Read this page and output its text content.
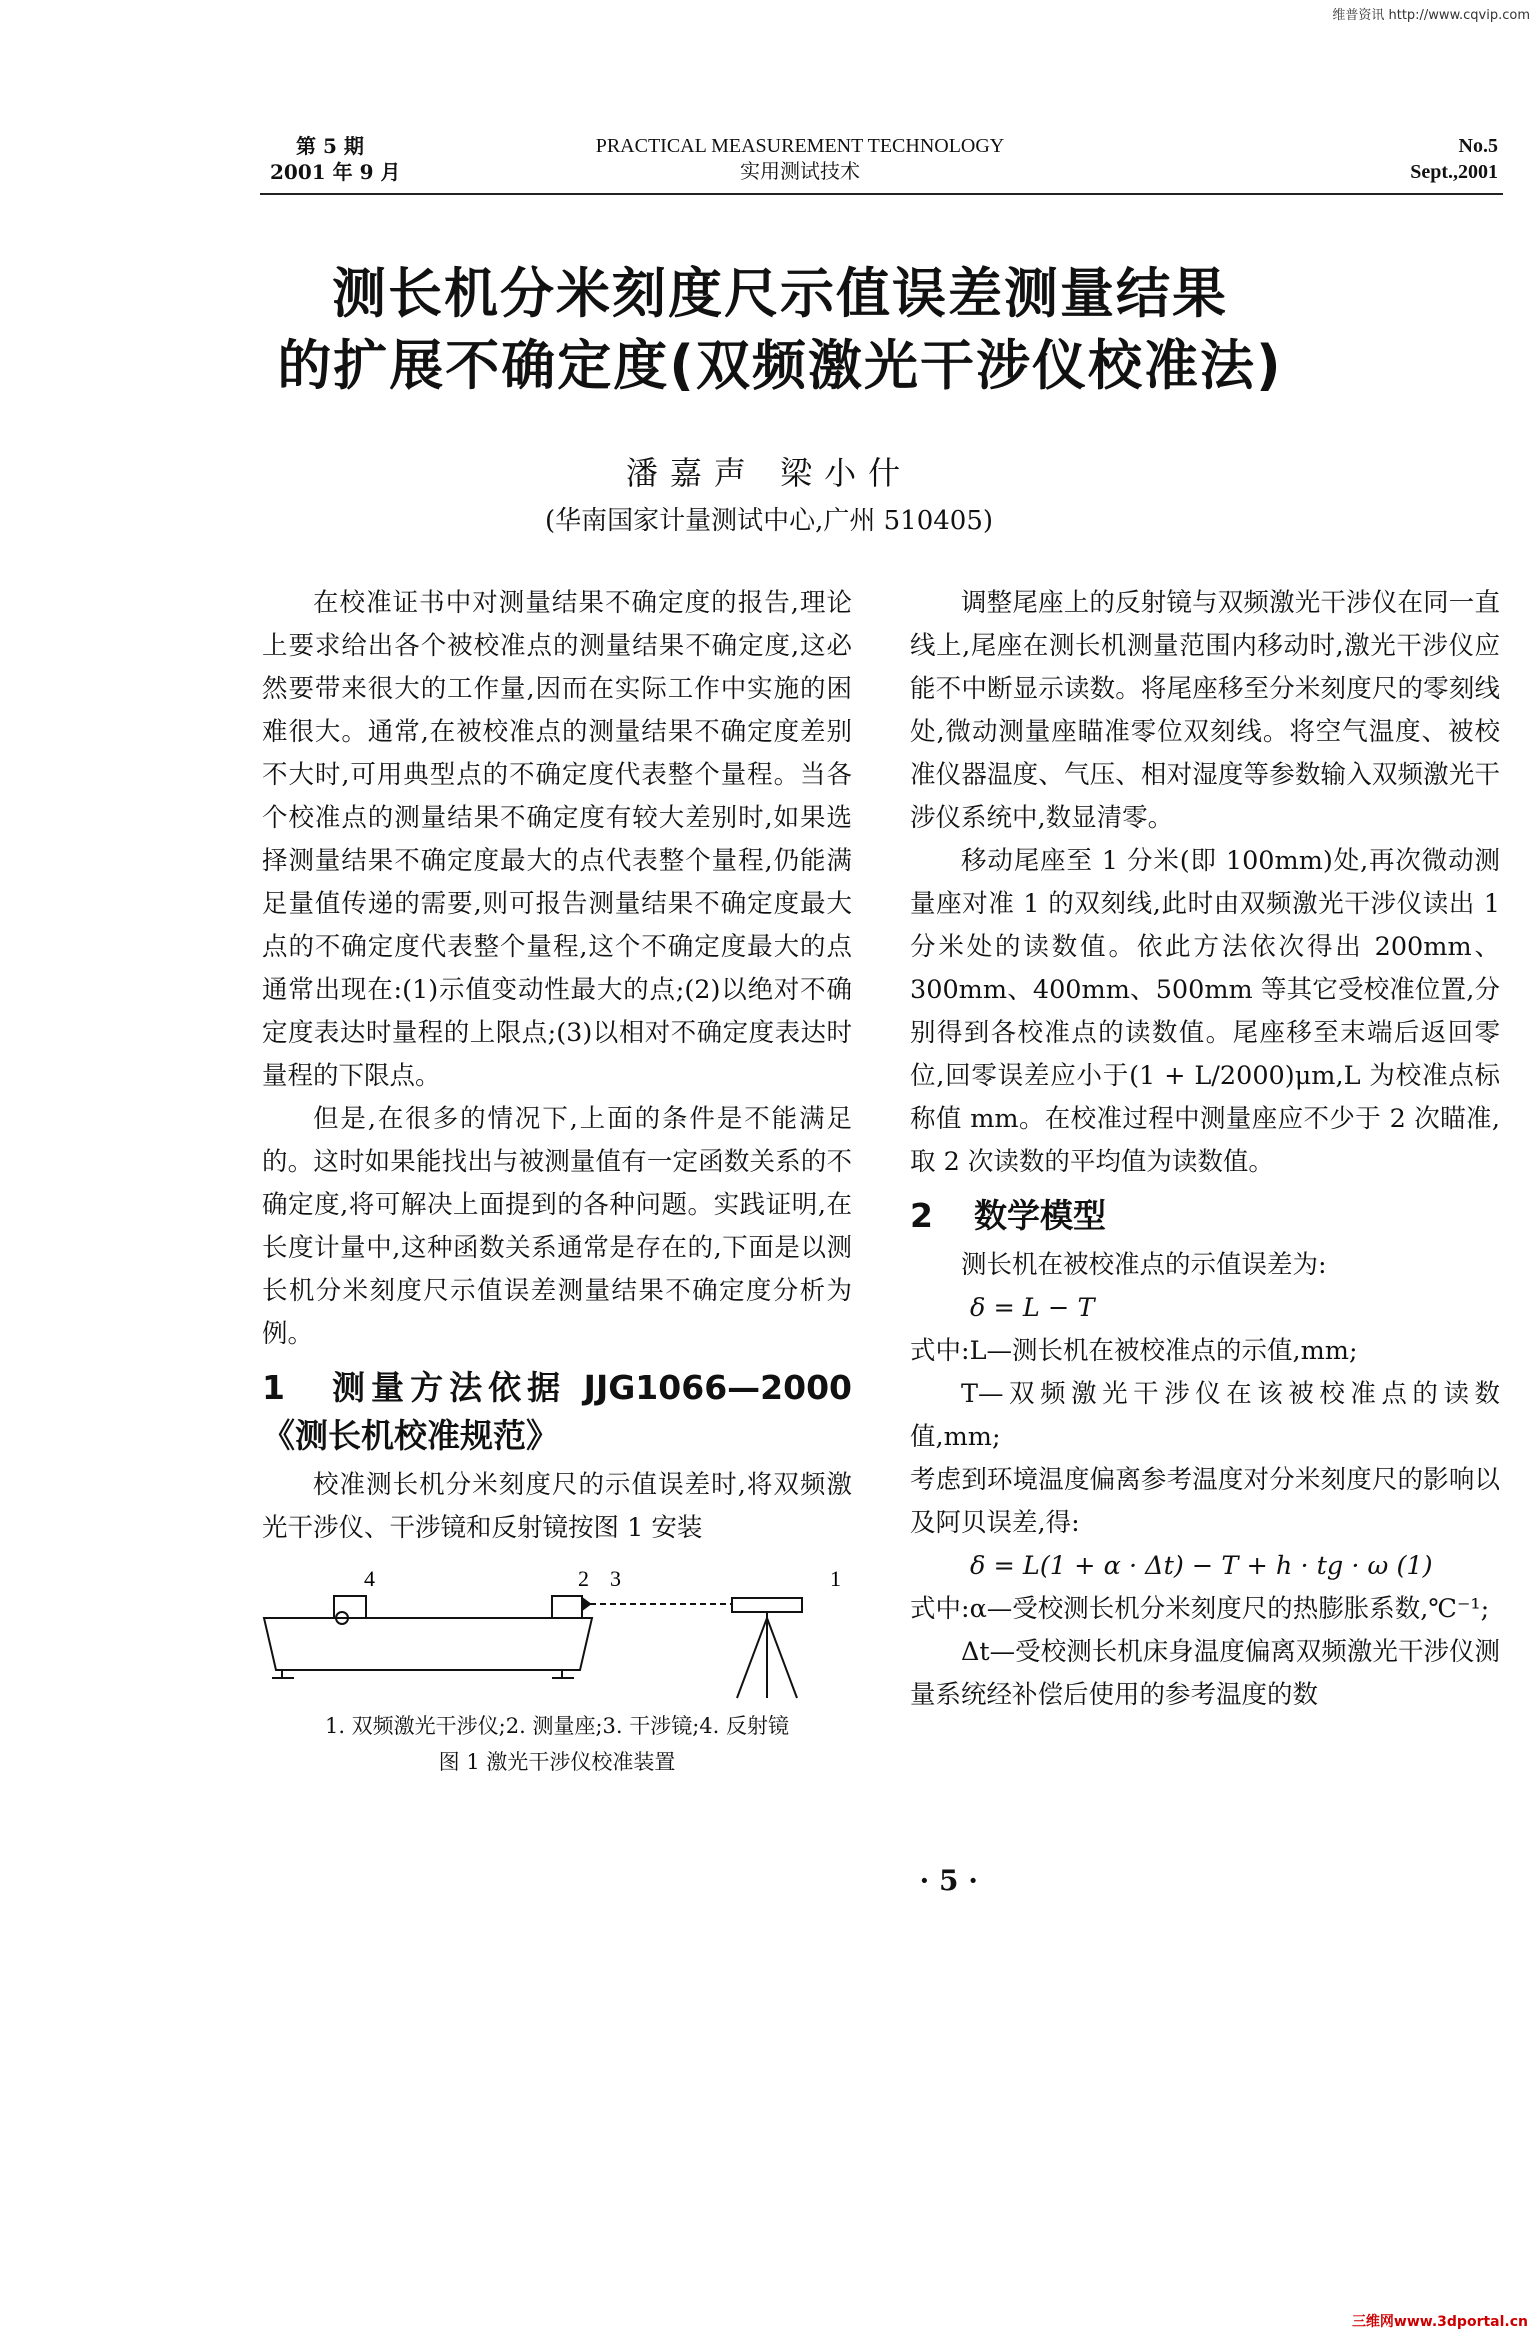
维普资讯 http://www.cqvip.com
第 5 期
2001 年 9 月
PRACTICAL MEASUREMENT TECHNOLOGY
实用测试技术
No.5
Sept.,2001
测长机分米刻度尺示值误差测量结果
的扩展不确定度(双频激光干涉仪校准法)
潘嘉声 梁小什
(华南国家计量测试中心,广州 510405)

在校准证书中对测量结果不确定度的报告,理论上要求给出各个被校准点的测量结果不确定度,这必然要带来很大的工作量,因而在实际工作中实施的困难很大。通常,在被校准点的测量结果不确定度差别不大时,可用典型点的不确定度代表整个量程。当各个校准点的测量结果不确定度有较大差别时,如果选择测量结果不确定度最大的点代表整个量程,仍能满足量值传递的需要,则可报告测量结果不确定度最大点的不确定度代表整个量程,这个不确定度最大的点通常出现在:(1)示值变动性最大的点;(2)以绝对不确定度表达时量程的上限点;(3)以相对不确定度表达时量程的下限点。

但是,在很多的情况下,上面的条件是不能满足的。这时如果能找出与被测量值有一定函数关系的不确定度,将可解决上面提到的各种问题。实践证明,在长度计量中,这种函数关系通常是存在的,下面是以测长机分米刻度尺示值误差测量结果不确定度分析为例。

1 测量方法依据 JJG1066—2000《测长机校准规范》

校准测长机分米刻度尺的示值误差时,将双频激光干涉仪、干涉镜和反射镜按图 1 安装

4	2 3	1
1. 双频激光干涉仪;2. 测量座;3. 干涉镜;4. 反射镜
图 1 激光干涉仪校准装置

调整尾座上的反射镜与双频激光干涉仪在同一直线上,尾座在测长机测量范围内移动时,激光干涉仪应能不中断显示读数。将尾座移至分米刻度尺的零刻线处,微动测量座瞄准零位双刻线。将空气温度、被校准仪器温度、气压、相对湿度等参数输入双频激光干涉仪系统中,数显清零。

移动尾座至 1 分米(即 100mm)处,再次微动测量座对准 1 的双刻线,此时由双频激光干涉仪读出 1 分米处的读数值。依此方法依次得出 200mm、300mm、400mm、500mm 等其它受校准位置,分别得到各校准点的读数值。尾座移至末端后返回零位,回零误差应小于(1 + L/2000)μm,L 为校准点标称值 mm。在校准过程中测量座应不少于 2 次瞄准,取 2 次读数的平均值为读数值。

2 数学模型

测长机在被校准点的示值误差为:

δ = L − T

式中:L—测长机在被校准点的示值,mm;

T—双频激光干涉仪在该被校准点的读数值,mm;

考虑到环境温度偏离参考温度对分米刻度尺的影响以及阿贝误差,得:

δ = L(1 + α · Δt) − T + h · tg · ω (1)

式中:α—受校测长机分米刻度尺的热膨胀系数,℃⁻¹;

Δt—受校测长机床身温度偏离双频激光干涉仪测量系统经补偿后使用的参考温度的数

· 5 ·
三维网www.3dportal.cn
